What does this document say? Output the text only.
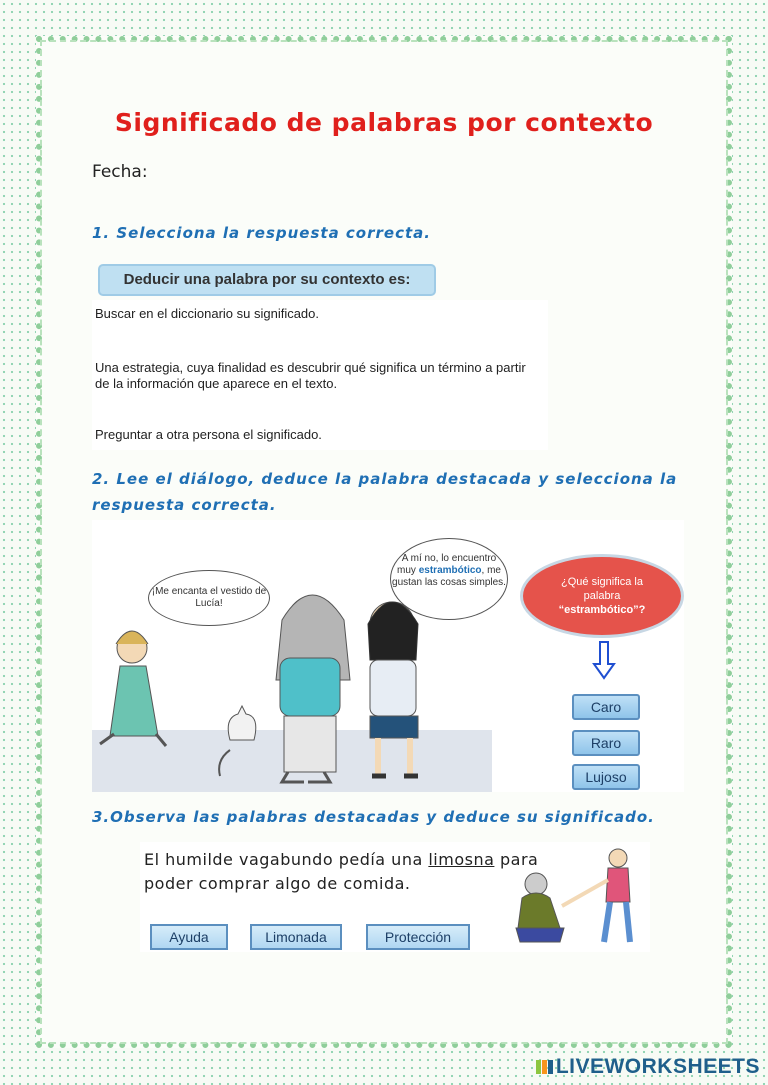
Significado de palabras por contexto
Fecha:
1. Selecciona la respuesta correcta.
Deducir una palabra por su contexto es:
Buscar en el diccionario su significado.
Una estrategia, cuya finalidad es descubrir qué significa un término a partir de la información que aparece en el texto.
Preguntar a otra persona el significado.
2. Lee el diálogo, deduce la palabra destacada y selecciona la respuesta correcta.
¡Me encanta el vestido de Lucía!
A mí no, lo encuentro muy estrambótico, me gustan las cosas simples.	¿Qué significa la
palabra
“estrambótico”?
Caro
Raro
Lujoso
3.Observa las palabras destacadas y deduce su significado.
El humilde vagabundo pedía una limosna para poder comprar algo de comida.
Ayuda	Limonada	Protección
LIVEWORKSHEETS
